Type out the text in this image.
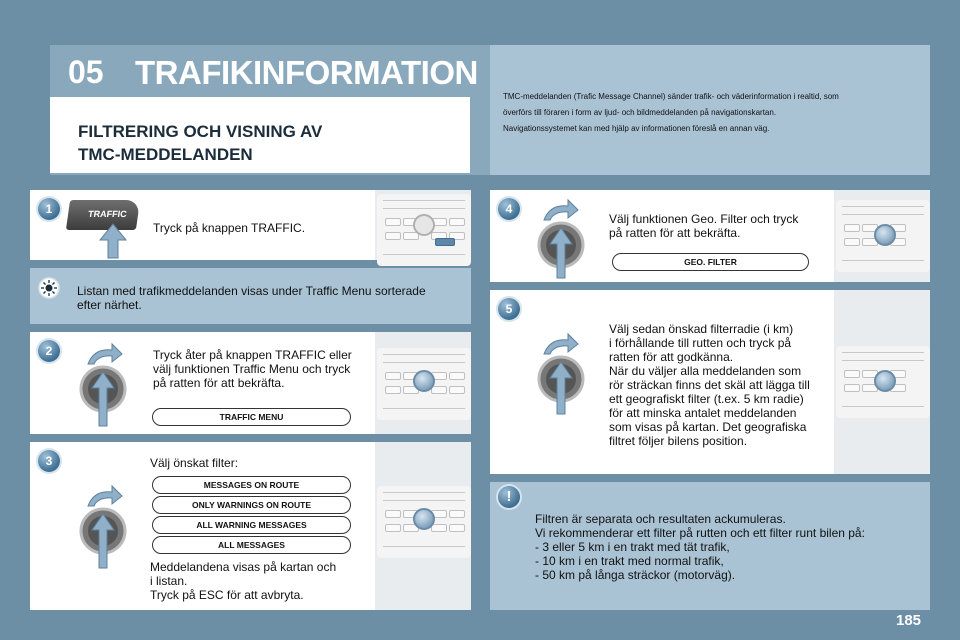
05 TRAFIKINFORMATION
FILTRERING OCH VISNING AV
TMC-MEDDELANDEN
TMC-meddelanden (Trafic Message Channel) sänder trafik- och väderinformation i realtid, som
överförs till föraren i form av ljud- och bildmeddelanden på navigationskartan.
Navigationssystemet kan med hjälp av informationen föreslå en annan väg.
1	TRAFFIC
Tryck på knappen TRAFFIC.
Listan med trafikmeddelanden visas under Traffic Menu sorterade
efter närhet.
2	Tryck åter på knappen TRAFFIC eller
välj funktionen Traffic Menu och tryck
på ratten för att bekräfta.
TRAFFIC MENU
3	Välj önskat filter:
MESSAGES ON ROUTE
ONLY WARNINGS ON ROUTE
ALL WARNING MESSAGES
ALL MESSAGES
Meddelandena visas på kartan och
i listan.
Tryck på ESC för att avbryta.
4
Välj funktionen Geo. Filter och tryck
på ratten för att bekräfta.
GEO. FILTER
5
Välj sedan önskad filterradie (i km)
i förhållande till rutten och tryck på
ratten för att godkänna.
När du väljer alla meddelanden som
rör sträckan finns det skäl att lägga till
ett geografiskt filter (t.ex. 5 km radie)
för att minska antalet meddelanden
som visas på kartan. Det geografiska
filtret följer bilens position.
!
Filtren är separata och resultaten ackumuleras.
Vi rekommenderar ett filter på rutten och ett filter runt bilen på:
- 3 eller 5 km i en trakt med tät trafik,
- 10 km i en trakt med normal trafik,
- 50 km på långa sträckor (motorväg).
185
